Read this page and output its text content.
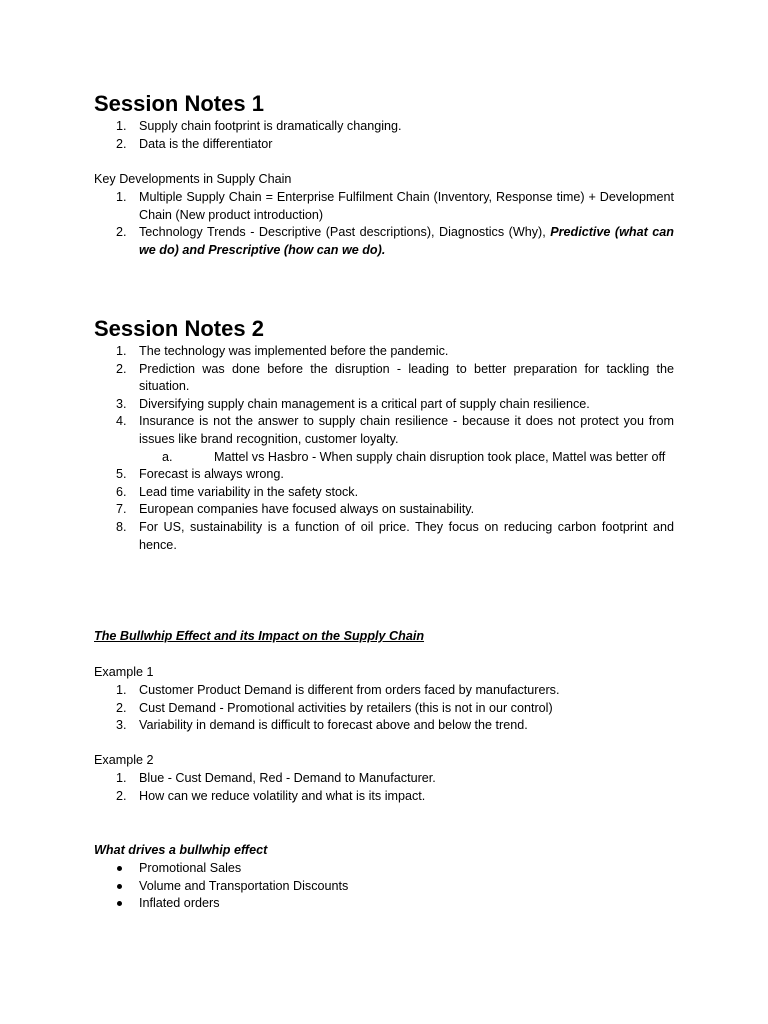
Session Notes 1
1. Supply chain footprint is dramatically changing.
2. Data is the differentiator
Key Developments in Supply Chain
1. Multiple Supply Chain = Enterprise Fulfilment Chain (Inventory, Response time) + Development Chain (New product introduction)
2. Technology Trends - Descriptive (Past descriptions), Diagnostics (Why), Predictive (what can we do) and Prescriptive (how can we do).
Session Notes 2
1. The technology was implemented before the pandemic.
2. Prediction was done before the disruption - leading to better preparation for tackling the situation.
3. Diversifying supply chain management is a critical part of supply chain resilience.
4. Insurance is not the answer to supply chain resilience - because it does not protect you from issues like brand recognition, customer loyalty.
a.	Mattel vs Hasbro - When supply chain disruption took place, Mattel was better off
5. Forecast is always wrong.
6. Lead time variability in the safety stock.
7. European companies have focused always on sustainability.
8. For US, sustainability is a function of oil price. They focus on reducing carbon footprint and hence.
The Bullwhip Effect and its Impact on the Supply Chain
Example 1
1. Customer Product Demand is different from orders faced by manufacturers.
2. Cust Demand - Promotional activities by retailers (this is not in our control)
3. Variability in demand is difficult to forecast above and below the trend.
Example 2
1. Blue - Cust Demand, Red - Demand to Manufacturer.
2. How can we reduce volatility and what is its impact.
What drives a bullwhip effect
Promotional Sales
Volume and Transportation Discounts
Inflated orders
